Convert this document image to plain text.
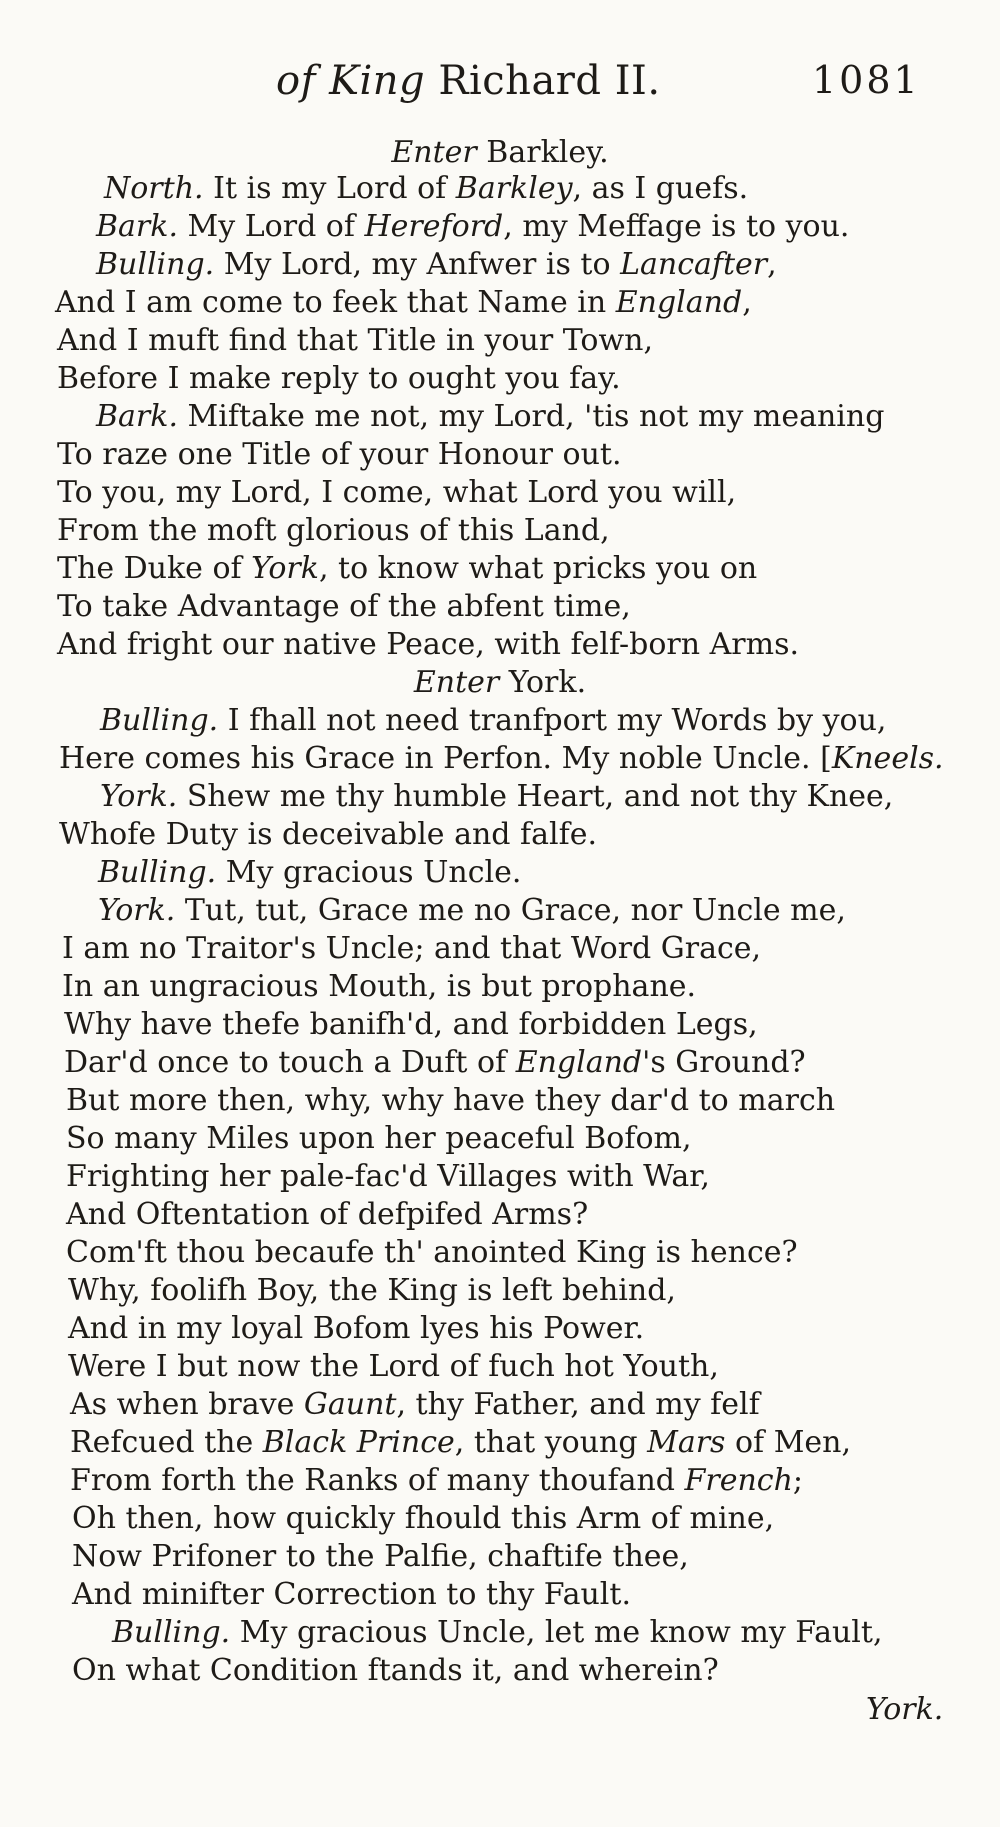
of King Richard II.	1081
Enter Barkley.
North. It is my Lord of Barkley, as I guefs.
Bark. My Lord of Hereford, my Meffage is to you.
Bulling. My Lord, my Anfwer is to Lancafter,
And I am come to feek that Name in England,
And I muft find that Title in your Town,
Before I make reply to ought you fay.
Bark. Miftake me not, my Lord, 'tis not my meaning
To raze one Title of your Honour out.
To you, my Lord, I come, what Lord you will,
From the moft glorious of this Land,
The Duke of York, to know what pricks you on
To take Advantage of the abfent time,
And fright our native Peace, with felf-born Arms.
Enter York.
Bulling. I fhall not need tranfport my Words by you,
Here comes his Grace in Perfon. My noble Uncle. [Kneels.
York. Shew me thy humble Heart, and not thy Knee,
Whofe Duty is deceivable and falfe.
Bulling. My gracious Uncle.
York. Tut, tut, Grace me no Grace, nor Uncle me,
I am no Traitor's Uncle; and that Word Grace,
In an ungracious Mouth, is but prophane.
Why have thefe banifh'd, and forbidden Legs,
Dar'd once to touch a Duft of England's Ground?
But more then, why, why have they dar'd to march
So many Miles upon her peaceful Bofom,
Frighting her pale-fac'd Villages with War,
And Oftentation of defpifed Arms?
Com'ft thou becaufe th' anointed King is hence?
Why, foolifh Boy, the King is left behind,
And in my loyal Bofom lyes his Power.
Were I but now the Lord of fuch hot Youth,
As when brave Gaunt, thy Father, and my felf
Refcued the Black Prince, that young Mars of Men,
From forth the Ranks of many thoufand French;
Oh then, how quickly fhould this Arm of mine,
Now Prifoner to the Palfie, chaftife thee,
And minifter Correction to thy Fault.
Bulling. My gracious Uncle, let me know my Fault,
On what Condition ftands it, and wherein?
York.
